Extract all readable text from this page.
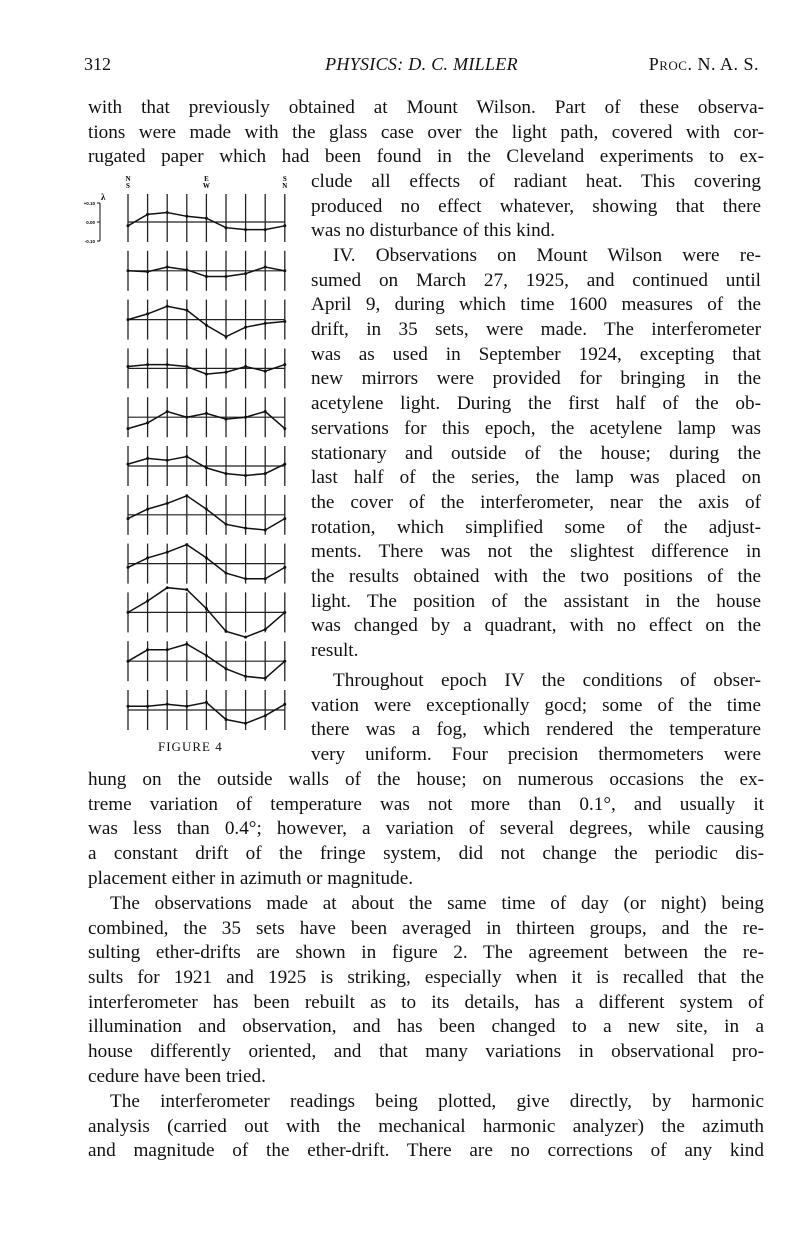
312	PHYSICS: D. C. MILLER	Proc. N. A. S.
with that previously obtained at Mount Wilson. Part of these observa-
tions were made with the glass case over the light path, covered with cor-
rugated paper which had been found in the Cleveland experiments to ex-
clude all effects of radiant heat. This covering
produced no effect whatever, showing that there
was no disturbance of this kind.
IV. Observations on Mount Wilson were re-
sumed on March 27, 1925, and continued until
April 9, during which time 1600 measures of the
drift, in 35 sets, were made. The interferometer
was as used in September 1924, excepting that
new mirrors were provided for bringing in the
acetylene light. During the first half of the ob-
servations for this epoch, the acetylene lamp was
stationary and outside of the house; during the
last half of the series, the lamp was placed on
the cover of the interferometer, near the axis of
rotation, which simplified some of the adjust-
ments. There was not the slightest difference in
the results obtained with the two positions of the
light. The position of the assistant in the house
was changed by a quadrant, with no effect on the
result.
Throughout epoch IV the conditions of obser-
vation were exceptionally gocd; some of the time
there was a fog, which rendered the temperature
very uniform. Four precision thermometers were
hung on the outside walls of the house; on numerous occasions the ex-
treme variation of temperature was not more than 0.1°, and usually it
was less than 0.4°; however, a variation of several degrees, while causing
a constant drift of the fringe system, did not change the periodic dis-
placement either in azimuth or magnitude.
The observations made at about the same time of day (or night) being
combined, the 35 sets have been averaged in thirteen groups, and the re-
sulting ether-drifts are shown in figure 2. The agreement between the re-
sults for 1921 and 1925 is striking, especially when it is recalled that the
interferometer has been rebuilt as to its details, has a different system of
illumination and observation, and has been changed to a new site, in a
house differently oriented, and that many variations in observational pro-
cedure have been tried.
The interferometer readings being plotted, give directly, by harmonic
analysis (carried out with the mechanical harmonic analyzer) the azimuth
and magnitude of the ether-drift. There are no corrections of any kind
N
S
E
W
S
N
+0.10
0.00
-0.10
λ
FIGURE 4
